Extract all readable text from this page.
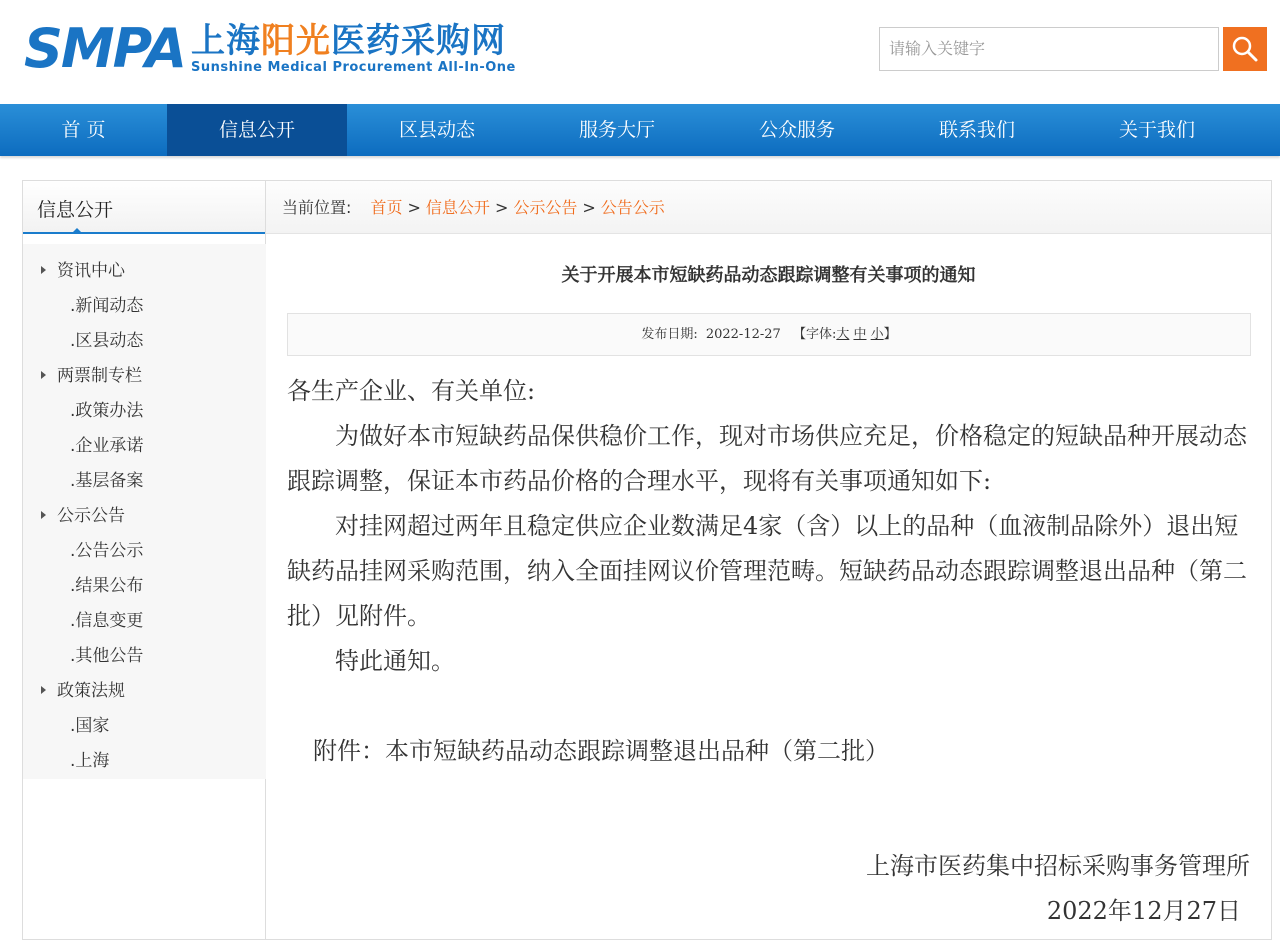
SMPA 上海阳光医药采购网
Sunshine Medical Procurement All-In-One
请输入关键字
首 页	信息公开	区县动态	服务大厅	公众服务	联系我们	关于我们
信息公开
资讯中心
.新闻动态
.区县动态
两票制专栏
.政策办法
.企业承诺
.基层备案
公示公告
.公告公示
.结果公布
.信息变更
.其他公告
政策法规
.国家
.上海
当前位置: 首页 > 信息公开 > 公示公告 > 公告公示
关于开展本市短缺药品动态跟踪调整有关事项的通知
发布日期: 2022-12-27 【字体:大 中 小】
各生产企业、有关单位:
为做好本市短缺药品保供稳价工作，现对市场供应充足，价格稳定的短缺品种开展动态跟踪调整，保证本市药品价格的合理水平，现将有关事项通知如下:
对挂网超过两年且稳定供应企业数满足4家（含）以上的品种（血液制品除外）退出短缺药品挂网采购范围，纳入全面挂网议价管理范畴。短缺药品动态跟踪调整退出品种（第二批）见附件。
特此通知。
附件：本市短缺药品动态跟踪调整退出品种（第二批）
上海市医药集中招标采购事务管理所
2022年12月27日
